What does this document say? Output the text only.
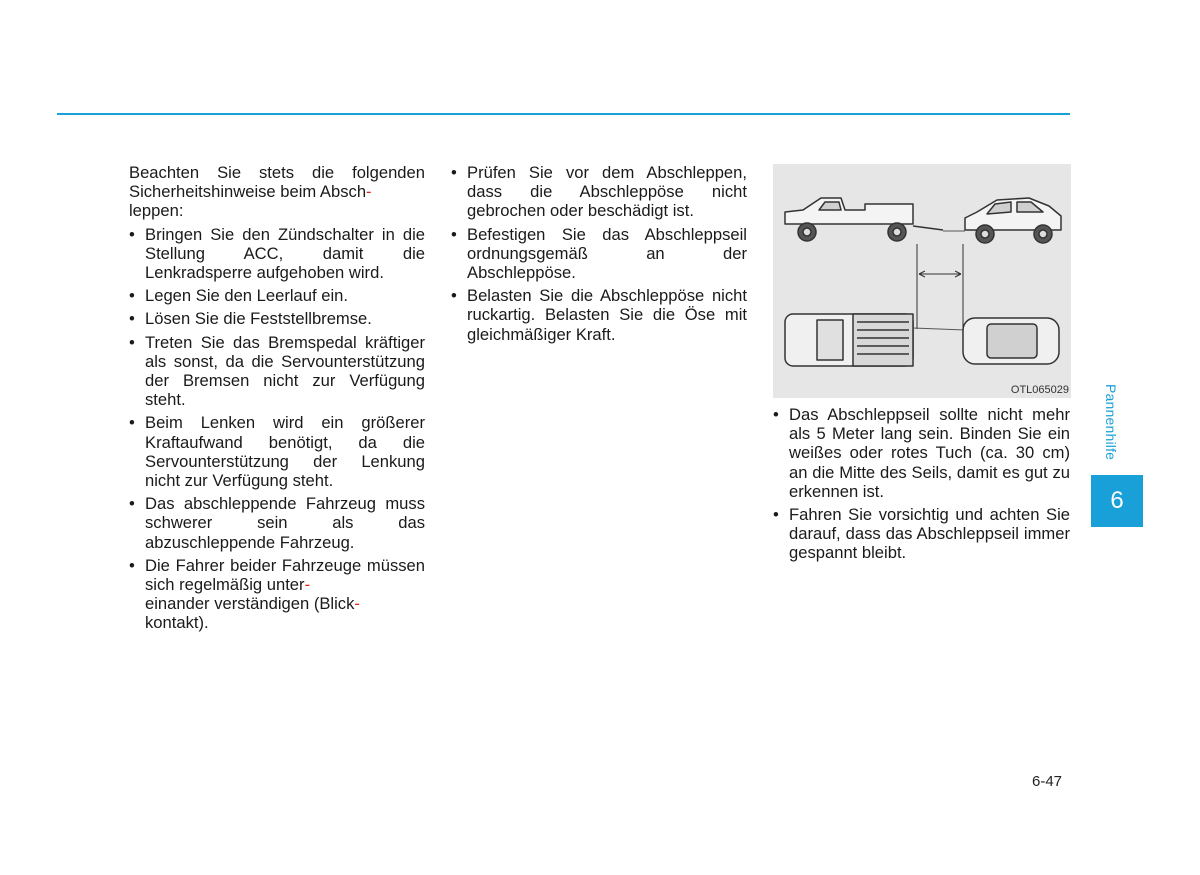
Beachten Sie stets die folgenden Sicherheitshinweise beim Absch-
leppen:

• Bringen Sie den Zündschalter in die Stellung ACC, damit die Lenkradsperre aufgehoben wird.
• Legen Sie den Leerlauf ein.
• Lösen Sie die Feststellbremse.
• Treten Sie das Bremspedal kräftiger als sonst, da die Servounterstützung der Bremsen nicht zur Verfügung steht.
• Beim Lenken wird ein größerer Kraftaufwand benötigt, da die Servounterstützung der Lenkung nicht zur Verfügung steht.
• Das abschleppende Fahrzeug muss schwerer sein als das abzuschleppende Fahrzeug.
• Die Fahrer beider Fahrzeuge müssen sich regelmäßig unter-
einander verständigen (Blick-
kontakt).
• Prüfen Sie vor dem Abschleppen, dass die Abschleppöse nicht gebrochen oder beschädigt ist.
• Befestigen Sie das Abschleppseil ordnungsgemäß an der Abschleppöse.
• Belasten Sie die Abschleppöse nicht ruckartig. Belasten Sie die Öse mit gleichmäßiger Kraft.
OTL065029
• Das Abschleppseil sollte nicht mehr als 5 Meter lang sein. Binden Sie ein weißes oder rotes Tuch (ca. 30 cm) an die Mitte des Seils, damit es gut zu erkennen ist.
• Fahren Sie vorsichtig und achten Sie darauf, dass das Abschleppseil immer gespannt bleibt.
Pannenhilfe
6
6-47
